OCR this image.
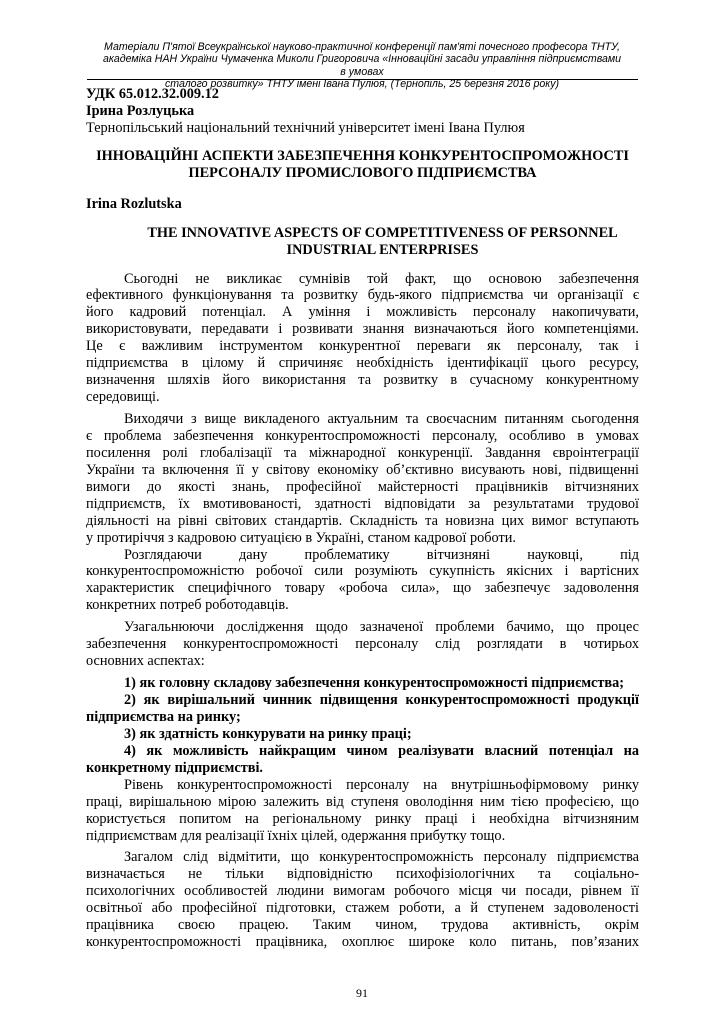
Матеріали П'ятої Всеукраїнської науково-практичної конференції пам'яті почесного професора ТНТУ,
академіка НАН України Чумаченка Миколи Григоровича «Інноваційні засади управління підприємствами в умовах
сталого розвитку» ТНТУ імені Івана Пулюя, (Тернопіль, 25 березня 2016 року)
УДК 65.012.32.009.12
Ірина Розлуцька
Тернопільський національний технічний університет імені Івана Пулюя
ІННОВАЦІЙНІ АСПЕКТИ ЗАБЕЗПЕЧЕННЯ КОНКУРЕНТОСПРОМОЖНОСТІ
ПЕРСОНАЛУ ПРОМИСЛОВОГО ПІДПРИЄМСТВА
Irina Rozlutska
THE INNOVATIVE ASPECTS OF COMPETITIVENESS OF PERSONNEL
INDUSTRIAL ENTERPRISES
Сьогодні не викликає сумнівів той факт, що основою забезпечення
ефективного функціонування та розвитку будь-якого підприємства чи організації є
його кадровий потенціал. А уміння і можливість персоналу накопичувати,
використовувати, передавати і розвивати знання визначаються його компетенціями.
Це є важливим інструментом конкурентної переваги як персоналу, так і
підприємства в цілому й спричиняє необхідність ідентифікації цього ресурсу,
визначення шляхів його використання та розвитку в сучасному конкурентному
середовищі.
Виходячи з вище викладеного актуальним та своєчасним питанням сьогодення
є проблема забезпечення конкурентоспроможності персоналу, особливо в умовах
посилення ролі глобалізації та міжнародної конкуренції. Завдання євроінтеграції
України та включення її у світову економіку об’єктивно висувають нові, підвищенні
вимоги до якості знань, професійної майстерності працівників вітчизняних
підприємств, їх вмотивованості, здатності відповідати за результатами трудової
діяльності на рівні світових стандартів. Складність та новизна цих вимог вступають
у протиріччя з кадровою ситуацією в Україні, станом кадрової роботи.
Розглядаючи дану проблематику вітчизняні науковці, під
конкурентоспроможністю робочої сили розуміють сукупність якісних і вартісних
характеристик специфічного товару «робоча сила», що забезпечує задоволення
конкретних потреб роботодавців.
Узагальнюючи дослідження щодо зазначеної проблеми бачимо, що процес
забезпечення конкурентоспроможності персоналу слід розглядати в чотирьох
основних аспектах:
1) як головну складову забезпечення конкурентоспроможності підприємства;
2) як вирішальний чинник підвищення конкурентоспроможності продукції
підприємства на ринку;
3) як здатність конкурувати на ринку праці;
4) як можливість найкращим чином реалізувати власний потенціал на
конкретному підприємстві.
Рівень конкурентоспроможності персоналу на внутрішньофірмовому ринку
праці, вирішальною мірою залежить від ступеня оволодіння ним тією професією, що
користується попитом на регіональному ринку праці і необхідна вітчизняним
підприємствам для реалізації їхніх цілей, одержання прибутку тощо.
Загалом слід відмітити, що конкурентоспроможність персоналу підприємства
визначається не тільки відповідністю психофізіологічних та соціально-
психологічних особливостей людини вимогам робочого місця чи посади, рівнем її
освітньої або професійної підготовки, стажем роботи, а й ступенем задоволеності
працівника своєю працею. Таким чином, трудова активність, окрім
конкурентоспроможності працівника, охоплює широке коло питань, пов’язаних
91
